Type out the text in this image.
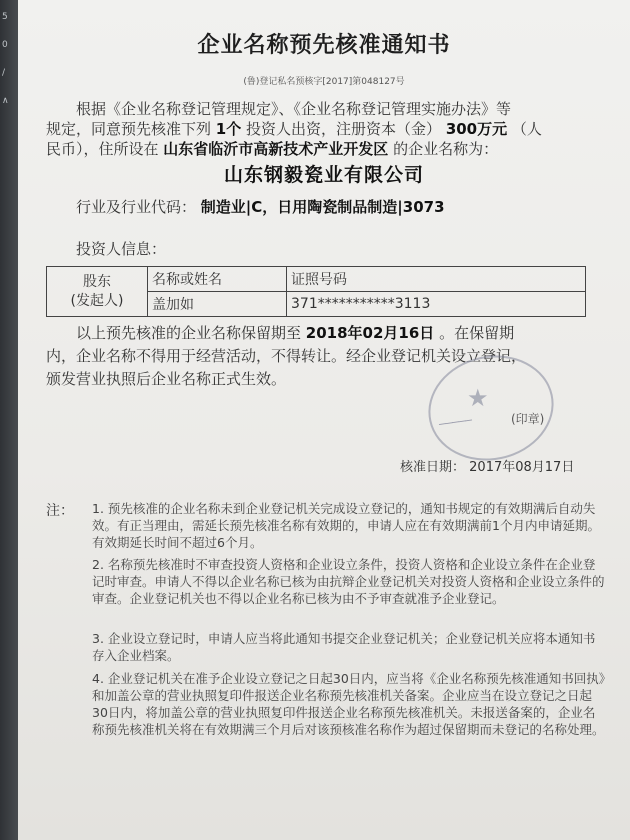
5

0

/

∧
企业名称预先核准通知书
(鲁)登记私名预核字[2017]第048127号
根据《企业名称登记管理规定》、《企业名称登记管理实施办法》等
规定，同意预先核准下列 1个 投资人出资，注册资本（金） 300万元 （人
民币），住所设在 山东省临沂市高新技术产业开发区 的企业名称为：
山东钢毅瓷业有限公司
行业及行业代码： 制造业|C，日用陶瓷制品制造|3073
投资人信息：
股东
(发起人)	名称或姓名	证照号码
	盖加如	371***********3113
以上预先核准的企业名称保留期至 2018年02月16日 。在保留期
内，企业名称不得用于经营活动，不得转让。经企业登记机关设立登记，
颁发营业执照后企业名称正式生效。
★
─────	(印章)
核准日期： 2017年08月17日
注： 1. 预先核准的企业名称未到企业登记机关完成设立登记的，通知书规定的有效期满后自动失效。有正当理由，需延长预先核准名称有效期的，申请人应在有效期满前1个月内申请延期。有效期延长时间不超过6个月。
2. 名称预先核准时不审查投资人资格和企业设立条件，投资人资格和企业设立条件在企业登记时审查。申请人不得以企业名称已核为由抗辩企业登记机关对投资人资格和企业设立条件的审查。企业登记机关也不得以企业名称已核为由不予审查就准予企业登记。
3. 企业设立登记时，申请人应当将此通知书提交企业登记机关；企业登记机关应将本通知书存入企业档案。
4. 企业登记机关在准予企业设立登记之日起30日内，应当将《企业名称预先核准通知书回执》和加盖公章的营业执照复印件报送企业名称预先核准机关备案。企业应当在设立登记之日起30日内，将加盖公章的营业执照复印件报送企业名称预先核准机关。未报送备案的，企业名称预先核准机关将在有效期满三个月后对该预核准名称作为超过保留期而未登记的名称处理。
